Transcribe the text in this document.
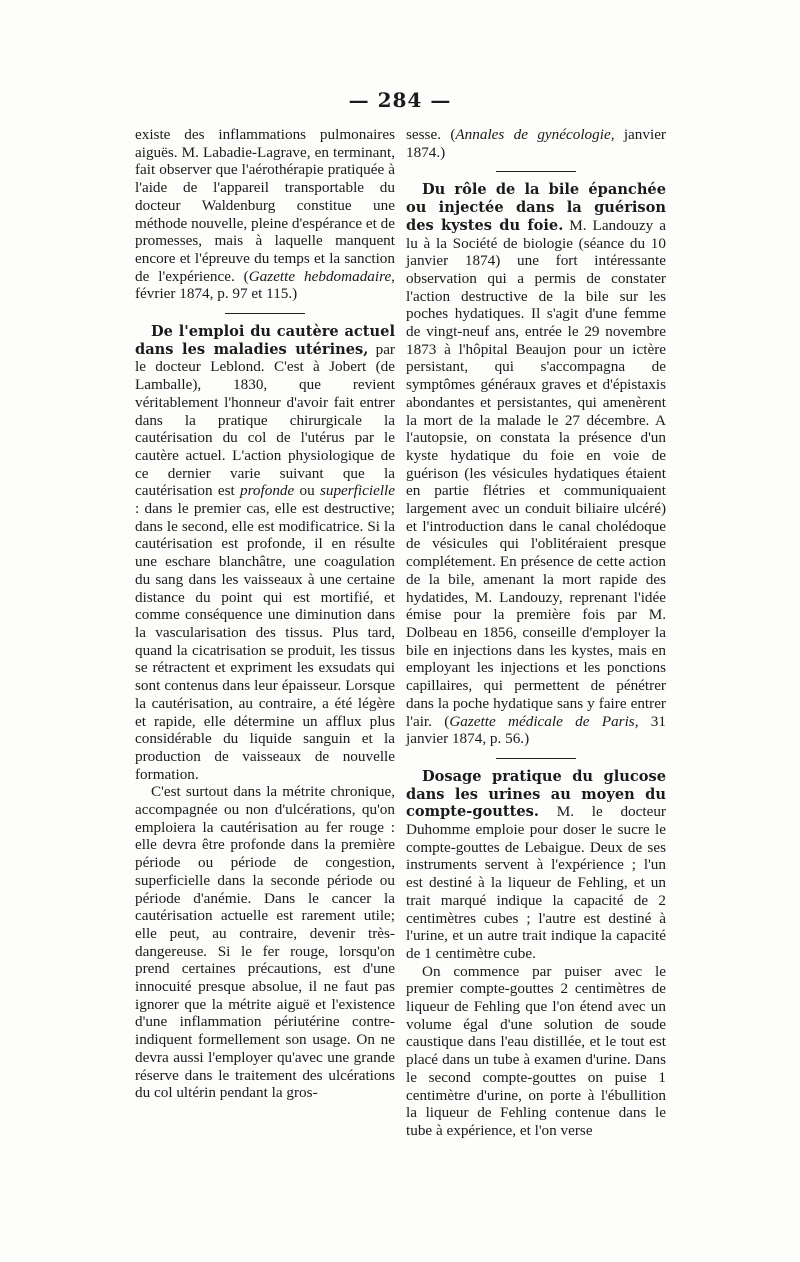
— 284 —

existe des inflammations pulmonaires aiguës. M. Labadie-Lagrave, en terminant, fait observer que l'aérothérapie pratiquée à l'aide de l'appareil transportable du docteur Waldenburg constitue une méthode nouvelle, pleine d'espérance et de promesses, mais à laquelle manquent encore et l'épreuve du temps et la sanction de l'expérience. (Gazette hebdomadaire, février 1874, p. 97 et 115.)

De l'emploi du cautère actuel dans les maladies utérines, par le docteur Leblond. C'est à Jobert (de Lamballe), 1830, que revient véritablement l'honneur d'avoir fait entrer dans la pratique chirurgicale la cautérisation du col de l'utérus par le cautère actuel. L'action physiologique de ce dernier varie suivant que la cautérisation est profonde ou superficielle : dans le premier cas, elle est destructive; dans le second, elle est modificatrice. Si la cautérisation est profonde, il en résulte une eschare blanchâtre, une coagulation du sang dans les vaisseaux à une certaine distance du point qui est mortifié, et comme conséquence une diminution dans la vascularisation des tissus. Plus tard, quand la cicatrisation se produit, les tissus se rétractent et expriment les exsudats qui sont contenus dans leur épaisseur. Lorsque la cautérisation, au contraire, a été légère et rapide, elle détermine un afflux plus considérable du liquide sanguin et la production de vaisseaux de nouvelle formation.

C'est surtout dans la métrite chronique, accompagnée ou non d'ulcérations, qu'on emploiera la cautérisation au fer rouge : elle devra être profonde dans la première période ou période de congestion, superficielle dans la seconde période ou période d'anémie. Dans le cancer la cautérisation actuelle est rarement utile; elle peut, au contraire, devenir très-dangereuse. Si le fer rouge, lorsqu'on prend certaines précautions, est d'une innocuité presque absolue, il ne faut pas ignorer que la métrite aiguë et l'existence d'une inflammation périutérine contre-indiquent formellement son usage. On ne devra aussi l'employer qu'avec une grande réserve dans le traitement des ulcérations du col ultérin pendant la gros-

sesse. (Annales de gynécologie, janvier 1874.)

Du rôle de la bile épanchée ou injectée dans la guérison des kystes du foie. M. Landouzy a lu à la Société de biologie (séance du 10 janvier 1874) une fort intéressante observation qui a permis de constater l'action destructive de la bile sur les poches hydatiques. Il s'agit d'une femme de vingt-neuf ans, entrée le 29 novembre 1873 à l'hôpital Beaujon pour un ictère persistant, qui s'accompagna de symptômes généraux graves et d'épistaxis abondantes et persistantes, qui amenèrent la mort de la malade le 27 décembre. A l'autopsie, on constata la présence d'un kyste hydatique du foie en voie de guérison (les vésicules hydatiques étaient en partie flétries et communiquaient largement avec un conduit biliaire ulcéré) et l'introduction dans le canal cholédoque de vésicules qui l'oblitéraient presque complétement. En présence de cette action de la bile, amenant la mort rapide des hydatides, M. Landouzy, reprenant l'idée émise pour la première fois par M. Dolbeau en 1856, conseille d'employer la bile en injections dans les kystes, mais en employant les injections et les ponctions capillaires, qui permettent de pénétrer dans la poche hydatique sans y faire entrer l'air. (Gazette médicale de Paris, 31 janvier 1874, p. 56.)

Dosage pratique du glucose dans les urines au moyen du compte-gouttes. M. le docteur Duhomme emploie pour doser le sucre le compte-gouttes de Lebaigue. Deux de ses instruments servent à l'expérience ; l'un est destiné à la liqueur de Fehling, et un trait marqué indique la capacité de 2 centimètres cubes ; l'autre est destiné à l'urine, et un autre trait indique la capacité de 1 centimètre cube.

On commence par puiser avec le premier compte-gouttes 2 centimètres de liqueur de Fehling que l'on étend avec un volume égal d'une solution de soude caustique dans l'eau distillée, et le tout est placé dans un tube à examen d'urine. Dans le second compte-gouttes on puise 1 centimètre d'urine, on porte à l'ébullition la liqueur de Fehling contenue dans le tube à expérience, et l'on verse
